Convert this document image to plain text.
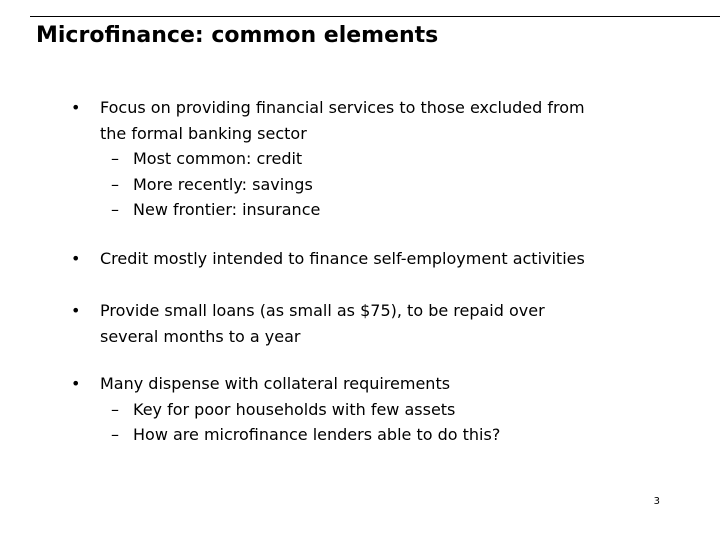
Microfinance: common elements
• Focus on providing financial services to those excluded from
the formal banking sector
– Most common: credit
– More recently: savings
– New frontier: insurance
• Credit mostly intended to finance self-employment activities
• Provide small loans (as small as $75), to be repaid over
several months to a year
• Many dispense with collateral requirements
– Key for poor households with few assets
– How are microfinance lenders able to do this?
3
